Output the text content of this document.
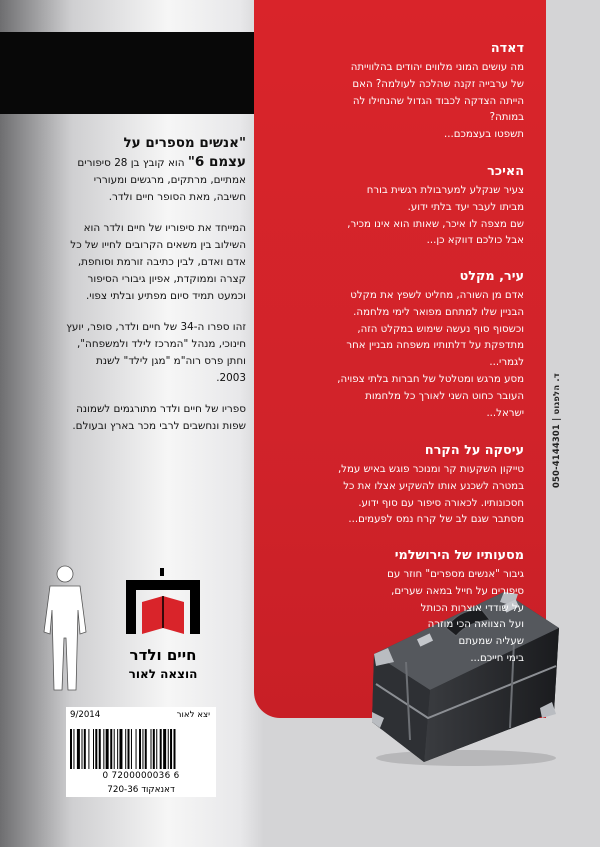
"אנשים מספרים על
עצמם 6" הוא קובץ בן 28 סיפורים אמתיים, מרתקים, מרגשים ומעוררי חשיבה, מאת הסופר חיים ולדר.

המייחד את סיפוריו של חיים ולדר הוא השילוב בין משאים הקרובים לחייו של כל אדם ואדם, לבין כתיבה זורמת וסוחפת, קצרה וממוקדת, אפיון גיבורי הסיפור וכמעט תמיד סיום מפתיע ובלתי צפוי.

זהו ספרו ה-34 של חיים ולדר, סופר, יועץ חינוכי, מנהל "המרכז לילד ולמשפחה", וחתן פרס רוה"מ "מגן לילד" לשנת 2003.

ספריו של חיים ולדר מתורגמים לשמונה שפות ונחשבים לרבי מכר בארץ ובעולם.

דאדה
מה עושים המוני מלווים יהודים בהלווייתה
של ערבייה זקנה שהלכה לעולמה? האם
הייתה הצדקה לכבוד הגדול שהנחילו לה
במותה?
תשפטו בעצמכם...
האיכר
צעיר שנקלע למערבולת רגשית בורח
מביתו לעבר יעד בלתי ידוע.
שם מצפה לו איכר, שאותו הוא אינו מכיר,
אבל כולכם דווקא כן...
עיר, מקלט
אדם מן השורה, מחליט לשפץ את מקלט
הבניין שלו למתחם מפואר לימי מלחמה.
וכשסוף סוף נעשה שימוש במקלט הזה,
מתדפקת על דלתותיו משפחה מבניין אחר
לגמרי...
מסע מרגש ומטלטל של חברות בלתי צפויה,
העובר כחוט השני לאורך כל מלחמות
ישראל...
עיסקה על הקרח
טייקון השקעות קר ומנוכר פוגש באיש עמל,
במטרה לשכנע אותו להשקיע אצלו את כל
חסכונותיו. לכאורה סיפור עם סוף ידוע.
מסתבר שגם לב של קרח נמס לפעמים...
מסעותיו של הירושלמי
גיבור "אנשים מספרים" חוזר עם
סיפורים על חייל במאה שערים,
על שודדי אוצרות הכותל
ועל הצוואה הכי מוזרה
שעליה שמעתם
בימי חייכם...
ד. הלפגוט | 050-4144301
חיים ולדר
הוצאה לאור
9/2014	יצא לאור
0 7200000036 6
דאנאקוד 720-36
